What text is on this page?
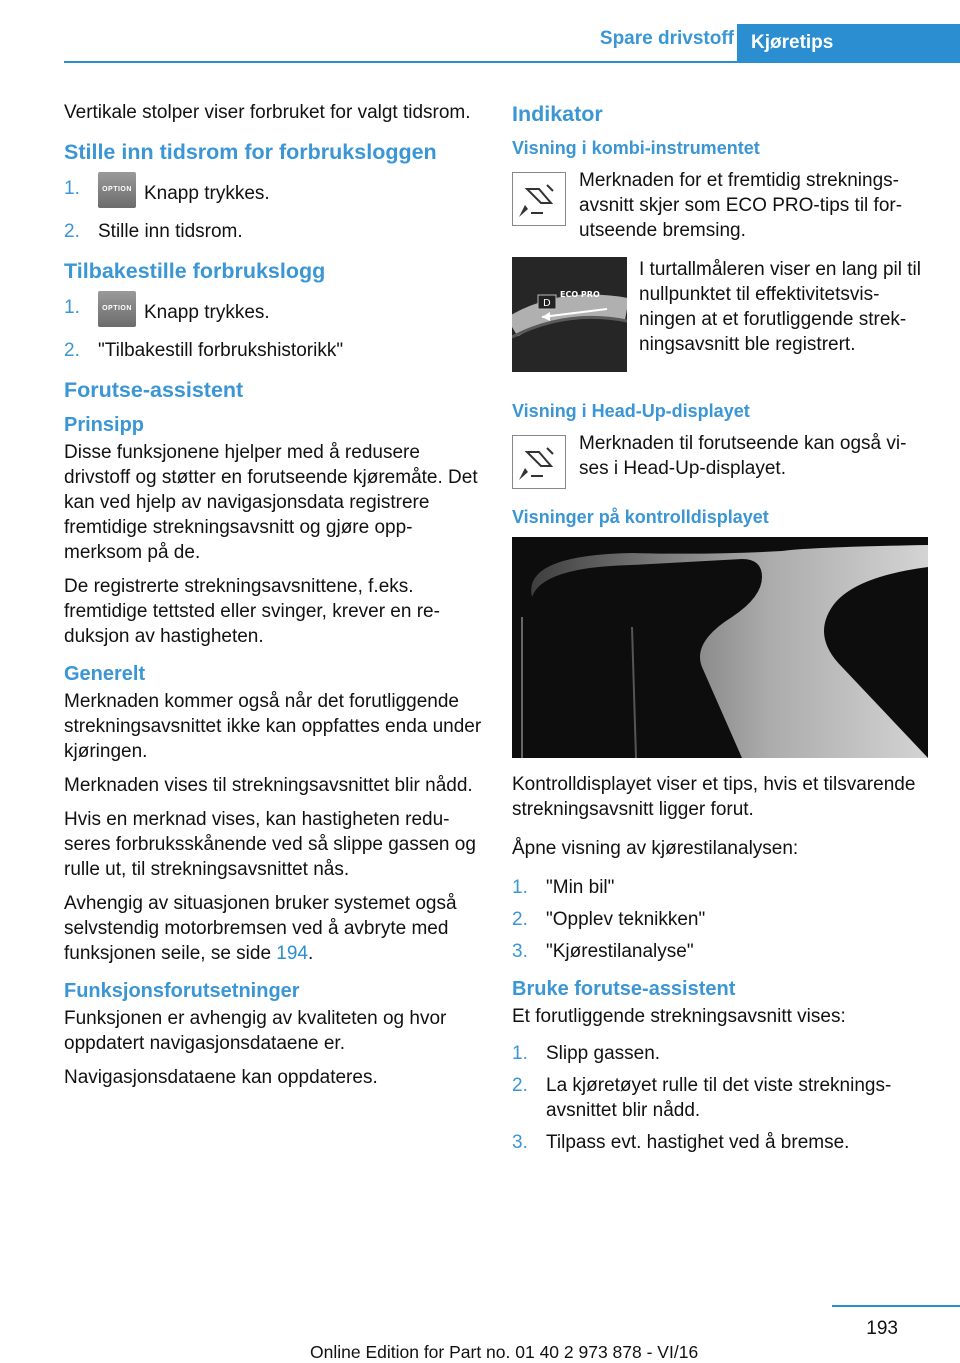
Spare drivstoff Kjøretips

Vertikale stolper viser forbruket for valgt tidsrom.

Stille inn tidsrom for forbruksloggen
1.	OPTION Knapp trykkes.
2. Stille inn tidsrom.
Tilbakestille forbrukslogg
1.	OPTION Knapp trykkes.
2. "Tilbakestill forbrukshistorikk"
Forutse-assistent
Prinsipp

Disse funksjonene hjelper med å redusere drivstoff og støtter en forutseende kjøremåte. Det kan ved hjelp av navigasjonsdata registrere fremtidige strekningsavsnitt og gjøre oppmerksom på de.

De registrerte strekningsavsnittene, f.eks. fremtidige tettsted eller svinger, krever en reduksjon av hastigheten.

Generelt

Merknaden kommer også når det forutliggende strekningsavsnittet ikke kan oppfattes enda under kjøringen.

Merknaden vises til strekningsavsnittet blir nådd.

Hvis en merknad vises, kan hastigheten reduseres forbruksskånende ved så slippe gassen og rulle ut, til strekningsavsnittet nås.

Avhengig av situasjonen bruker systemet også selvstendig motorbremsen ved å avbryte med funksjonen seile, se side 194.

Funksjonsforutsetninger

Funksjonen er avhengig av kvaliteten og hvor oppdatert navigasjonsdataene er.

Navigasjonsdataene kan oppdateres.

Indikator
Visning i kombi-instrumentet
Merknaden for et fremtidig strekningsavsnitt skjer som ECO PRO-tips til forutseende bremsing.
D
ECO PRO
I turtallmåleren viser en lang pil til nullpunktet til effektivitetsvisningen at et forutliggende strekningsavsnitt ble registrert.
Visning i Head-Up-displayet
Merknaden til forutseende kan også vises i Head-Up-displayet.
Visninger på kontrolldisplayet

Kontrolldisplayet viser et tips, hvis et tilsvarende strekningsavsnitt ligger forut.

Åpne visning av kjørestilanalysen:

1. "Min bil"
2. "Opplev teknikken"
3. "Kjørestilanalyse"
Bruke forutse-assistent

Et forutliggende strekningsavsnitt vises:

1. Slipp gassen.
2. La kjøretøyet rulle til det viste strekningsavsnittet blir nådd.
3. Tilpass evt. hastighet ved å bremse.
193
Online Edition for Part no. 01 40 2 973 878 - VI/16
